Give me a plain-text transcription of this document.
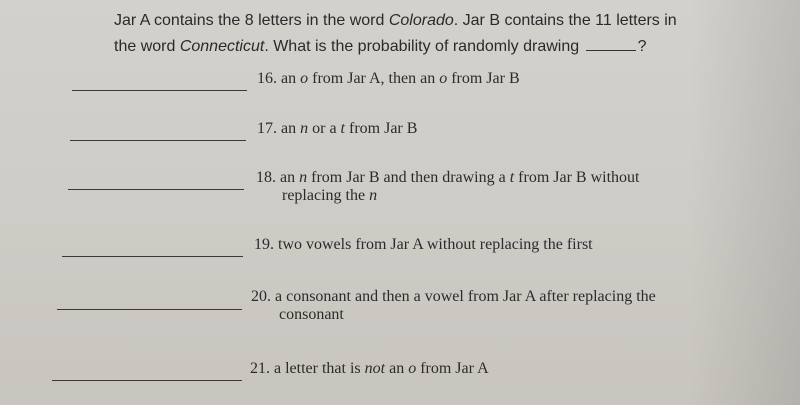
Jar A contains the 8 letters in the word Colorado. Jar B contains the 11 letters in
the word Connecticut. What is the probability of randomly drawing	?
16. an o from Jar A, then an o from Jar B
17. an n or a t from Jar B
18. an n from Jar B and then drawing a t from Jar B without
replacing the n
19. two vowels from Jar A without replacing the first
20. a consonant and then a vowel from Jar A after replacing the
consonant
21. a letter that is not an o from Jar A
